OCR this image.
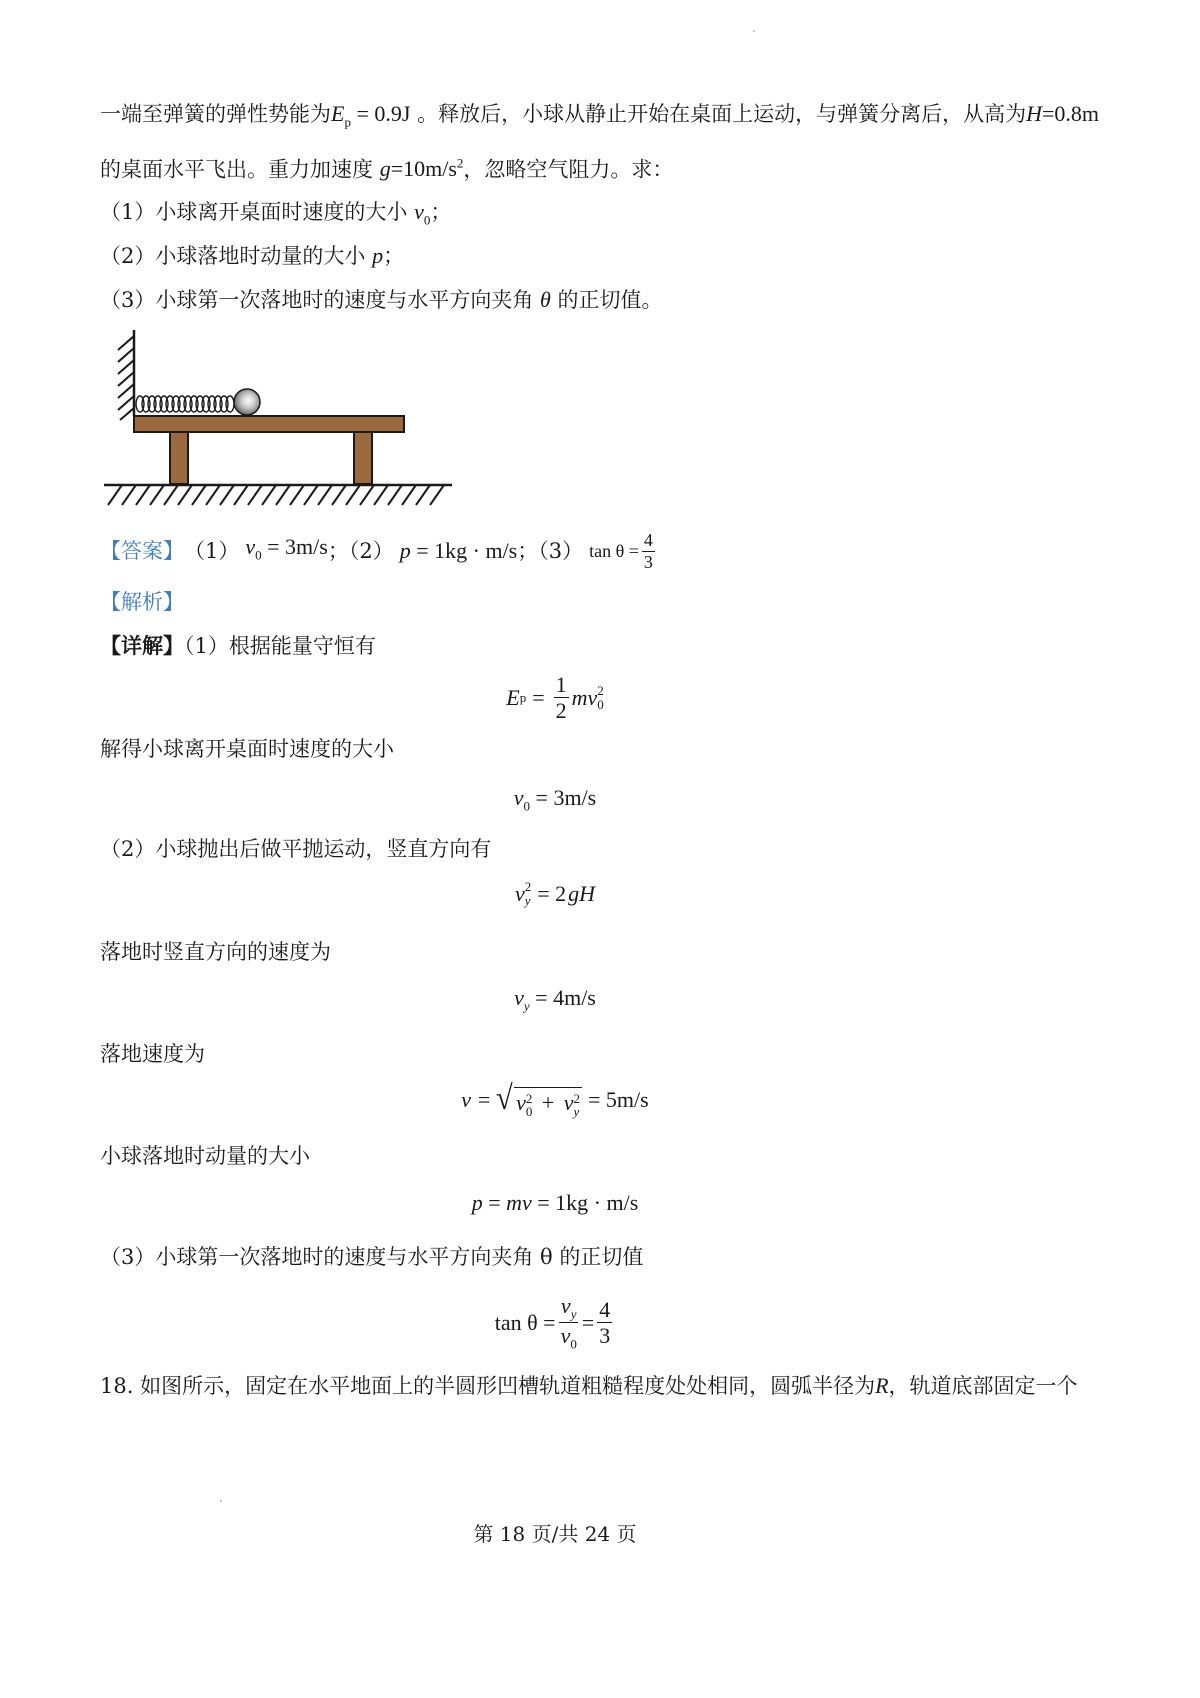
一端至弹簧的弹性势能为$E_p = 0.9J$ 。释放后，小球从静止开始在桌面上运动，与弹簧分离后，从高为H=0.8m
的桌面水平飞出。重力加速度 $g=10m/s^2$，忽略空气阻力。求：
（1）小球离开桌面时速度的大小 $v_0$；
（2）小球落地时动量的大小 p；
（3）小球第一次落地时的速度与水平方向夹角 θ 的正切值。
【答案】 （1） $v_0 = 3m/s$ ；（2） p = 1kg · m/s ；（3） $\tan \theta = \frac{4}{3}$
【解析】
【详解】（1）根据能量守恒有
E $p = \frac{1}{2}$ mv 2
0
解得小球离开桌面时速度的大小
$v_0 = 3m/s$
（2）小球抛出后做平抛运动，竖直方向有
v 2
y = 2 gH
落地时竖直方向的速度为
$v_y = 4m/s$
落地速度为
v = √ v 2
0 + v 2
y = 5m/s
小球落地时动量的大小
p = mv = 1kg · m/s
（3）小球第一次落地时的速度与水平方向夹角 θ 的正切值
$\tan \theta = \frac{v_y}{v_0} = \frac{4}{3}$
18. 如图所示，固定在水平地面上的半圆形凹槽轨道粗糙程度处处相同，圆弧半径为R，轨道底部固定一个
第 18 页/共 24 页
